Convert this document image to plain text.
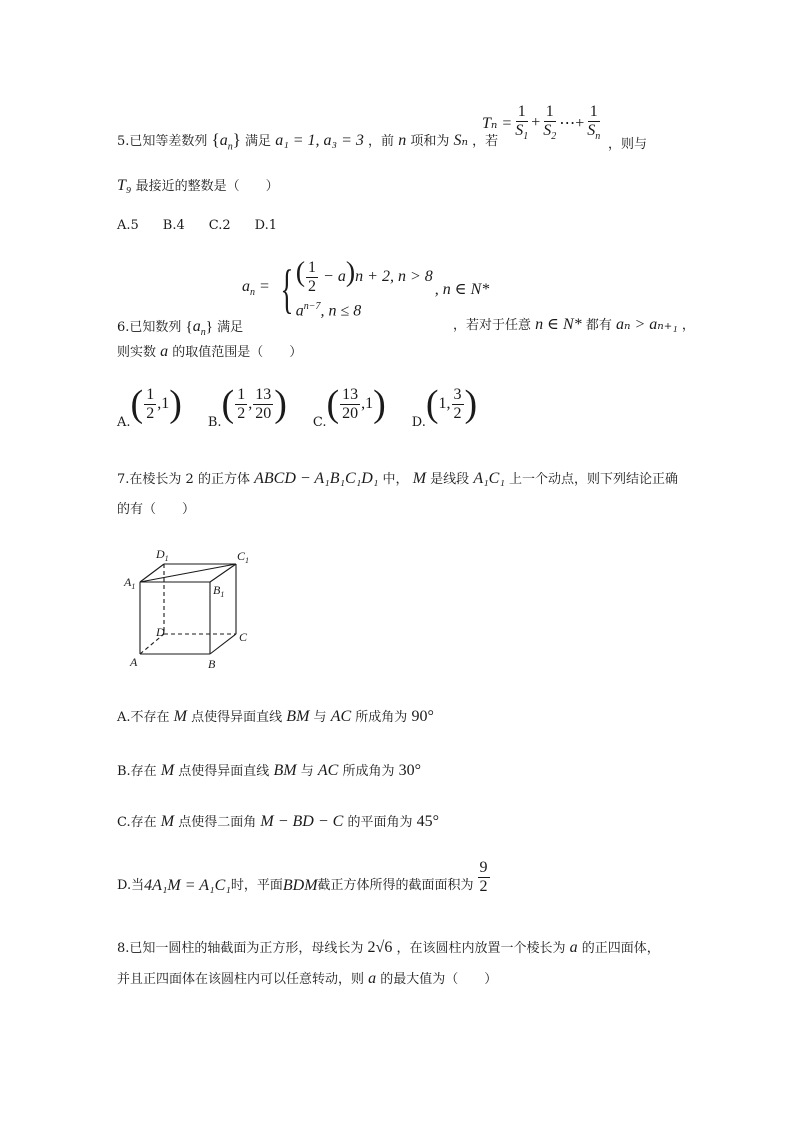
5.已知等差数列 $\{a_n\}$ 满足 a₁ = 1, a₃ = 3 ，前 n 项和为 Sₙ ，若
$T_n = \frac{1}{S_1} + \frac{1}{S_2}$ ⋯+ $\frac{1}{S_n}$
，则与
T₉ 最接近的整数是（　　）
A.5 B.4 C.2 D.1
6.已知数列 $\{a_n\}$ 满足
$a_n$ = { ( $\frac{1}{2} - a)n + 2$, n > 8
$a^{n-7}$, n ≤ 8
, n ∈ N*
，若对于任意 n ∈ N* 都有 aₙ > aₙ₊₁ ，
则实数 a 的取值范围是（　　）
A. ( $\frac{1}{2} ,1$ ) B. ( $\frac{1}{2}$ , $\frac{13}{20}$ ) C. ( $\frac{13}{20} ,1$ ) D. ( 1, $\frac{3}{2}$ )
7.在棱长为 2 的正方体 ABCD − A₁B₁C₁D₁ 中， M 是线段 A₁C₁ 上一个动点，则下列结论正确
的有（　　）
$D_1$	$C_1$
$A_1$	$B_1$
D	C
A	B
A.不存在 M 点使得异面直线 BM 与 AC 所成角为 90°
B.存在 M 点使得异面直线 BM 与 AC 所成角为 30°
C.存在 M 点使得二面角 M − BD − C 的平面角为 45°
D.当 4A₁M = A₁C₁ 时，平面 BDM 截正方体所得的截面面积为 $\frac{9}{2}$
8.已知一圆柱的轴截面为正方形，母线长为 2√6 ，在该圆柱内放置一个棱长为 a 的正四面体，
并且正四面体在该圆柱内可以任意转动，则 a 的最大值为（　　）
